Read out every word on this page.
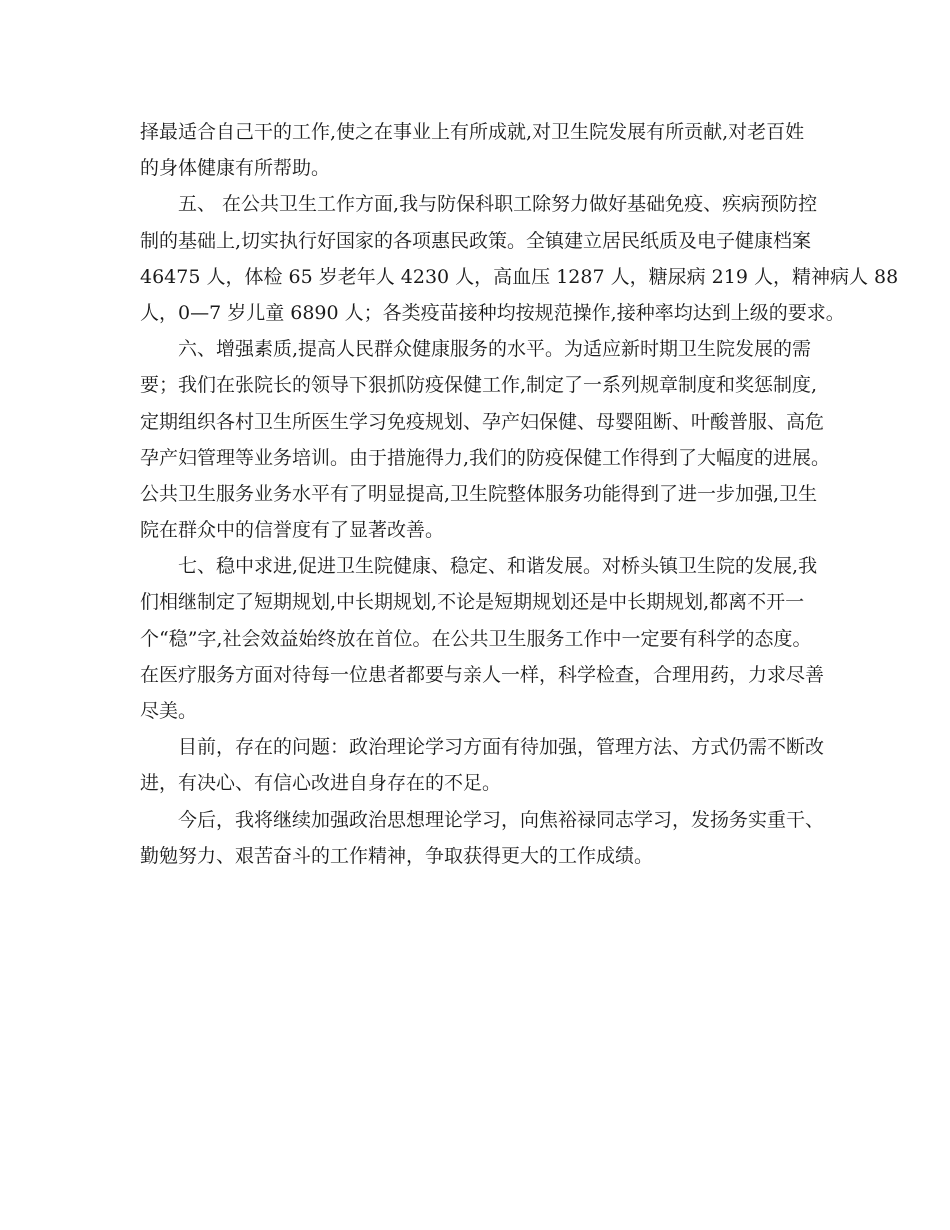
择最适合自己干的工作,使之在事业上有所成就,对卫生院发展有所贡献,对老百姓
的身体健康有所帮助。
五、 在公共卫生工作方面,我与防保科职工除努力做好基础免疫、疾病预防控
制的基础上,切实执行好国家的各项惠民政策。全镇建立居民纸质及电子健康档案
46475 人，体检 65 岁老年人 4230 人，高血压 1287 人，糖尿病 219 人，精神病人 88
人，0—7 岁儿童 6890 人；各类疫苗接种均按规范操作,接种率均达到上级的要求。
六、增强素质,提高人民群众健康服务的水平。为适应新时期卫生院发展的需
要；我们在张院长的领导下狠抓防疫保健工作,制定了一系列规章制度和奖惩制度,
定期组织各村卫生所医生学习免疫规划、孕产妇保健、母婴阻断、叶酸普服、高危
孕产妇管理等业务培训。由于措施得力,我们的防疫保健工作得到了大幅度的进展。
公共卫生服务业务水平有了明显提高,卫生院整体服务功能得到了进一步加强,卫生
院在群众中的信誉度有了显著改善。
七、稳中求进,促进卫生院健康、稳定、和谐发展。对桥头镇卫生院的发展,我
们相继制定了短期规划,中长期规划,不论是短期规划还是中长期规划,都离不开一
个“稳”字,社会效益始终放在首位。在公共卫生服务工作中一定要有科学的态度。
在医疗服务方面对待每一位患者都要与亲人一样，科学检查，合理用药，力求尽善
尽美。
目前，存在的问题：政治理论学习方面有待加强，管理方法、方式仍需不断改
进，有决心、有信心改进自身存在的不足。
今后，我将继续加强政治思想理论学习，向焦裕禄同志学习，发扬务实重干、
勤勉努力、艰苦奋斗的工作精神，争取获得更大的工作成绩。
